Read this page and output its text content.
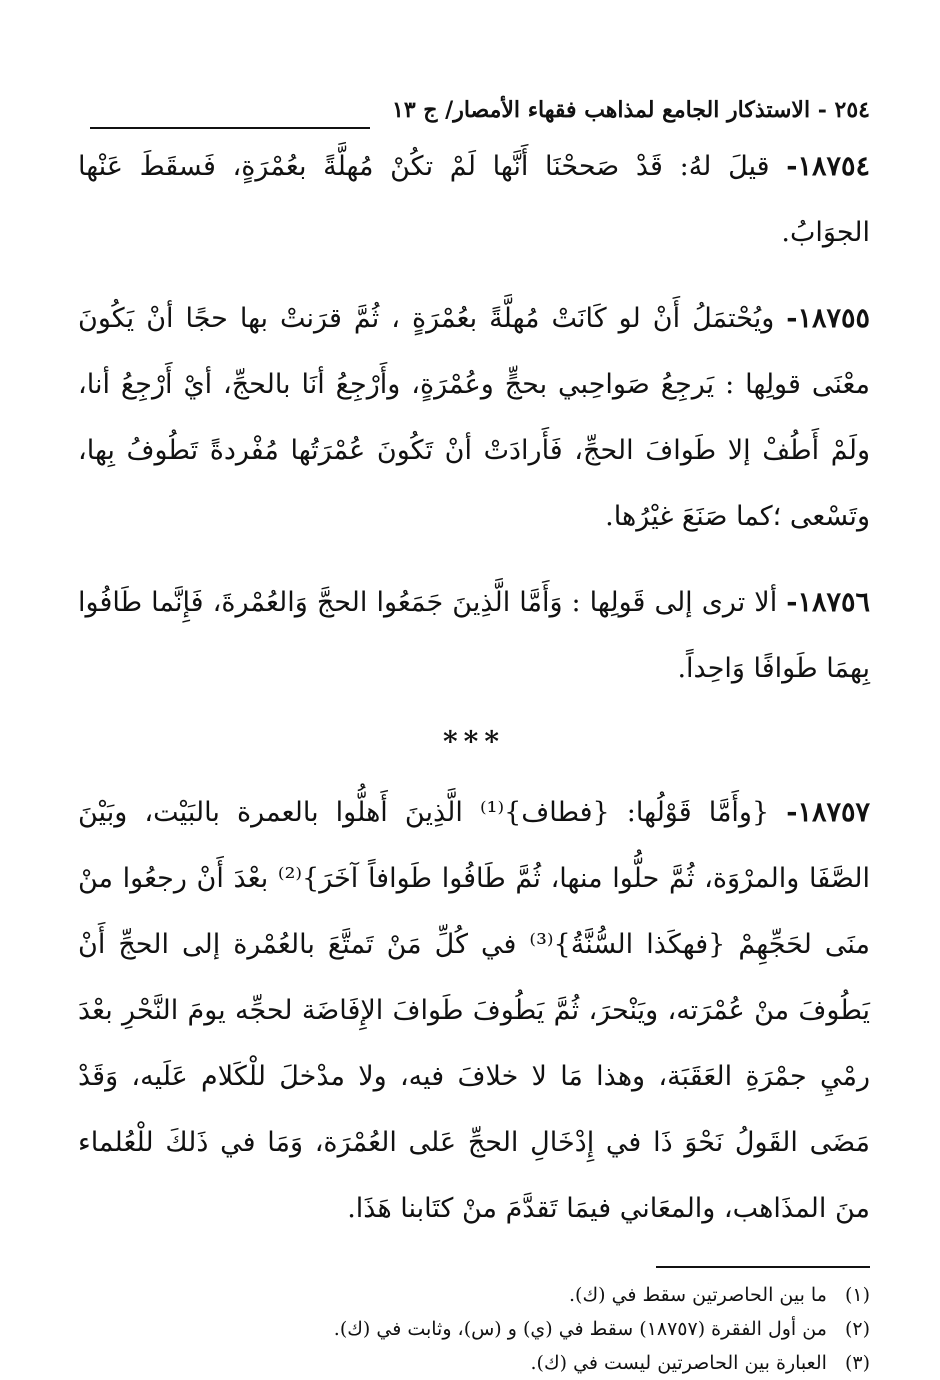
٢٥٤ - الاستذكار الجامع لمذاهب فقهاء الأمصار/ ج ١٣

١٨٧٥٤- قيلَ لهُ: قَدْ صَححْنَا أَنَّها لَمْ تكُنْ مُهلَّةً بعُمْرَةٍ، فَسقَطَ عَنْها الجوَابُ.

١٨٧٥٥- ويُحْتمَلُ أَنْ لو كَانَتْ مُهلَّةً بعُمْرَةٍ ، ثُمَّ قرَنتْ بها حجًا أنْ يَكُونَ معْنَى قولِها : يَرجِعُ صَواحِبي بحجٍّ وعُمْرَةٍ، وأَرْجِعُ أنَا بالحجِّ، أيْ أَرْجِعُ أنا، ولَمْ أَطُفْ إلا طَوافَ الحجِّ، فَأَرادَتْ أنْ تَكُونَ عُمْرَتُها مُفْردةً تَطُوفُ بِها، وتَسْعى ؛كما صَنَعَ غيْرُها.

١٨٧٥٦- ألا ترى إلى قَولِها : وَأَمَّا الَّذِينَ جَمَعُوا الحجَّ وَالعُمْرةَ، فَإِنَّما طَافُوا بِهمَا طَوافًا وَاحِداً.

***

١٨٧٥٧- {وأَمَّا قَوْلُها: {فطاف}⁽¹⁾ الَّذِينَ أَهلُّوا بالعمرة بالبَيْت، وبَيْنَ الصَّفَا والمرْوَة، ثُمَّ حلُّوا منها، ثُمَّ طَافُوا طَوافاً آخَرَ}⁽²⁾ بعْدَ أَنْ رجعُوا منْ منَى لحَجِّهِمْ {فهكَذا السُّنَّةُ}⁽³⁾ في كُلِّ مَنْ تَمتَّعَ بالعُمْرة إلى الحجِّ أَنْ يَطُوفَ منْ عُمْرَته، ويَنْحرَ، ثُمَّ يَطُوفَ طَوافَ الإِفَاضَة لحجِّه يومَ النَّحْرِ بعْدَ رمْيِ جمْرَةِ العَقَبَة، وهذا مَا لا خلافَ فيه، ولا مدْخلَ للْكَلام عَلَيه، وَقَدْ مَضَى القَولُ نَحْوَ ذَا في إِدْخَالِ الحجِّ عَلى العُمْرَة، وَمَا في ذَلكَ للْعُلماء منَ المذَاهب، والمعَاني فيمَا تَقدَّمَ منْ كتَابنا هَذَا.

(١) ما بين الحاصرتين سقط في (ك).

(٢) من أول الفقرة (١٨٧٥٧) سقط في (ي) و (س)، وثابت في (ك).

(٣) العبارة بين الحاصرتين ليست في (ك).
